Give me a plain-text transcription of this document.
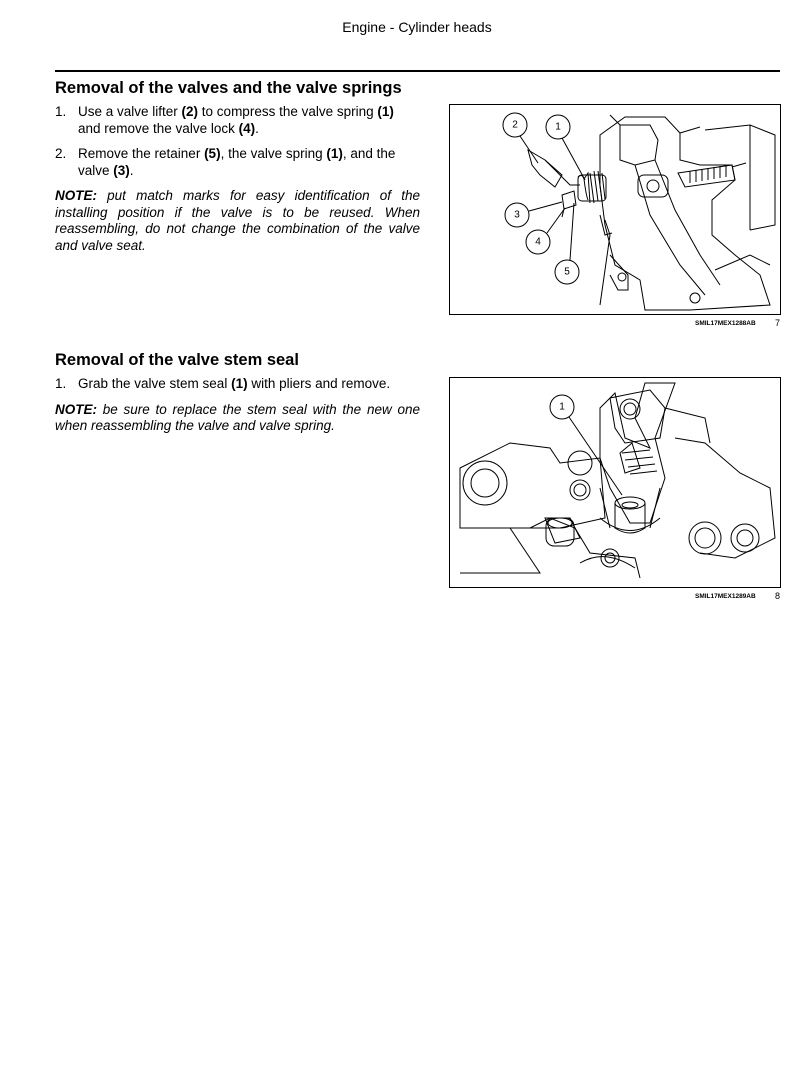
Engine - Cylinder heads
Removal of the valves and the valve springs
1. Use a valve lifter (2) to compress the valve spring (1) and remove the valve lock (4).
2. Remove the retainer (5), the valve spring (1), and the valve (3).

NOTE: put match marks for easy identification of the installing position if the valve is to be reused. When reassembling, do not change the combination of the valve and valve seat.

2	1
3
4
5
SMIL17MEX1288AB 7
Removal of the valve stem seal
1. Grab the valve stem seal (1) with pliers and remove.

NOTE: be sure to replace the stem seal with the new one when reassembling the valve and valve spring.

1
SMIL17MEX1289AB 8
